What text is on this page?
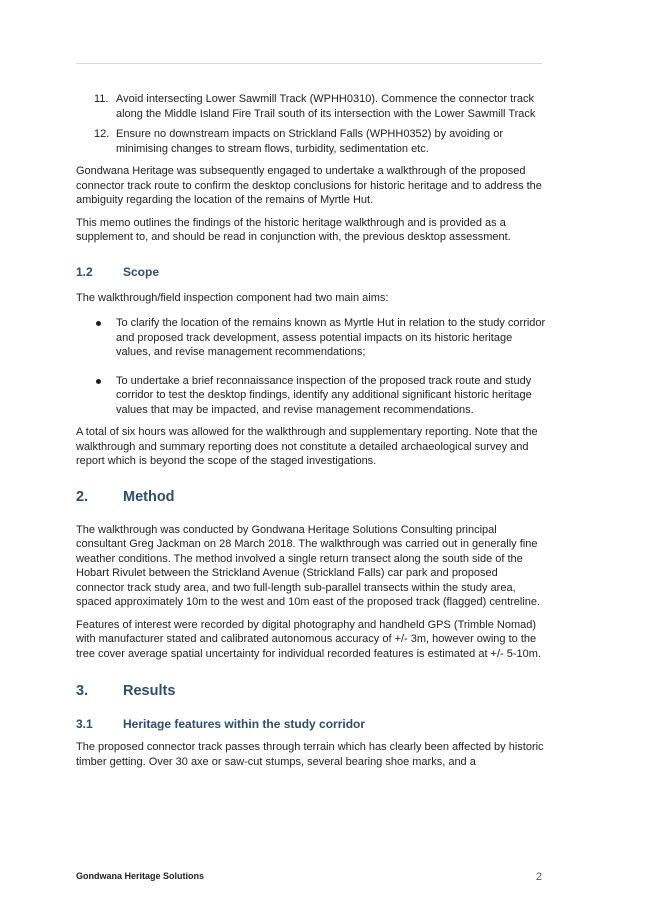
11. Avoid intersecting Lower Sawmill Track (WPHH0310). Commence the connector track along the Middle Island Fire Trail south of its intersection with the Lower Sawmill Track
12. Ensure no downstream impacts on Strickland Falls (WPHH0352) by avoiding or minimising changes to stream flows, turbidity, sedimentation etc.

Gondwana Heritage was subsequently engaged to undertake a walkthrough of the proposed connector track route to confirm the desktop conclusions for historic heritage and to address the ambiguity regarding the location of the remains of Myrtle Hut.

This memo outlines the findings of the historic heritage walkthrough and is provided as a supplement to, and should be read in conjunction with, the previous desktop assessment.

1.2	Scope

The walkthrough/field inspection component had two main aims:

To clarify the location of the remains known as Myrtle Hut in relation to the study corridor and proposed track development, assess potential impacts on its historic heritage values, and revise management recommendations;
To undertake a brief reconnaissance inspection of the proposed track route and study corridor to test the desktop findings, identify any additional significant historic heritage values that may be impacted, and revise management recommendations.

A total of six hours was allowed for the walkthrough and supplementary reporting. Note that the walkthrough and summary reporting does not constitute a detailed archaeological survey and report which is beyond the scope of the staged investigations.

2.	Method

The walkthrough was conducted by Gondwana Heritage Solutions Consulting principal consultant Greg Jackman on 28 March 2018. The walkthrough was carried out in generally fine weather conditions. The method involved a single return transect along the south side of the Hobart Rivulet between the Strickland Avenue (Strickland Falls) car park and proposed connector track study area, and two full-length sub-parallel transects within the study area, spaced approximately 10m to the west and 10m east of the proposed track (flagged) centreline.

Features of interest were recorded by digital photography and handheld GPS (Trimble Nomad) with manufacturer stated and calibrated autonomous accuracy of +/- 3m, however owing to the tree cover average spatial uncertainty for individual recorded features is estimated at +/- 5-10m.

3.	Results
3.1	Heritage features within the study corridor

The proposed connector track passes through terrain which has clearly been affected by historic timber getting. Over 30 axe or saw-cut stumps, several bearing shoe marks, and a

Gondwana Heritage Solutions	2
